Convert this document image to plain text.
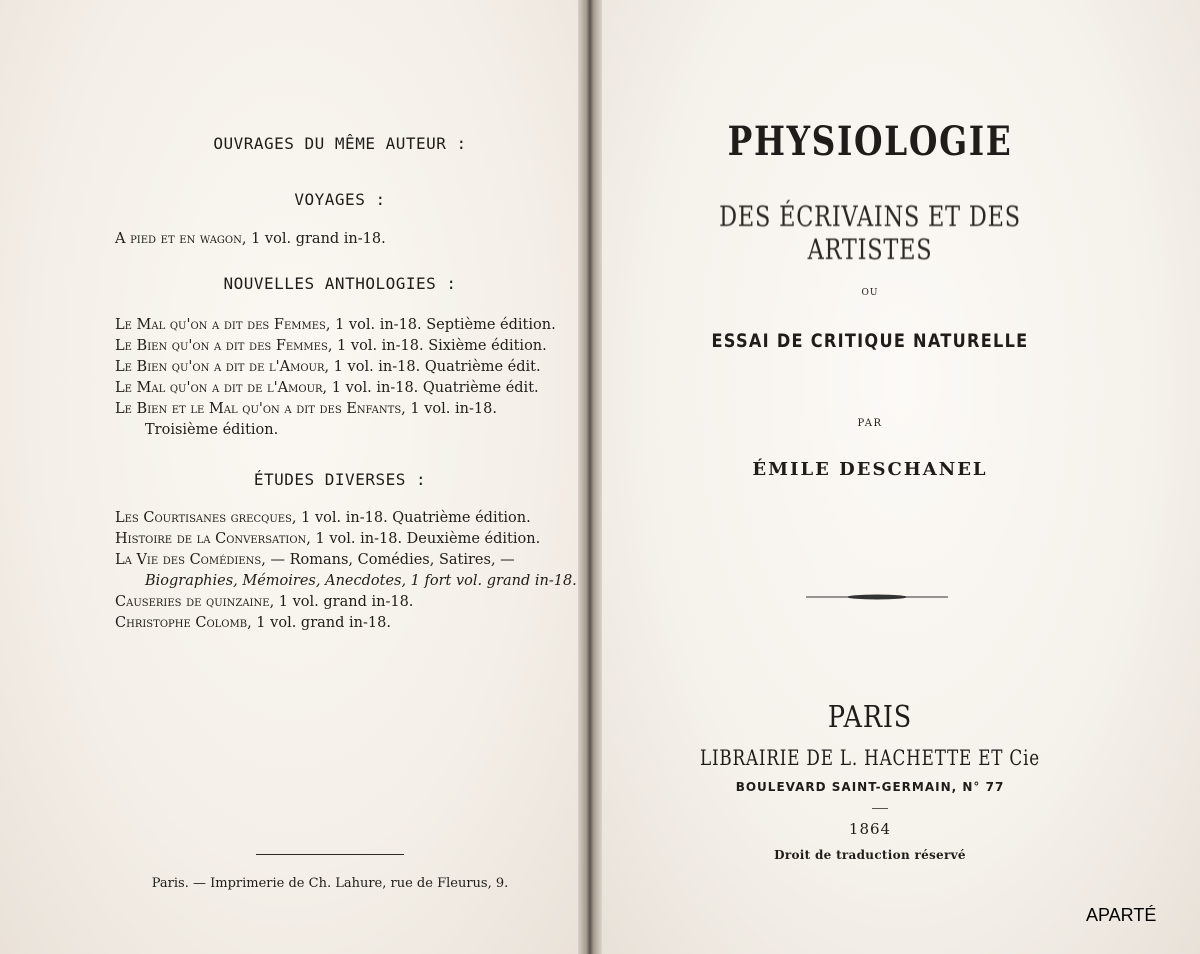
OUVRAGES DU MÊME AUTEUR :
VOYAGES :
A pied et en wagon, 1 vol. grand in-18.
NOUVELLES ANTHOLOGIES :
Le Mal qu'on a dit des Femmes, 1 vol. in-18. Septième édition.
Le Bien qu'on a dit des Femmes, 1 vol. in-18. Sixième édition.
Le Bien qu'on a dit de l'Amour, 1 vol. in-18. Quatrième édit.
Le Mal qu'on a dit de l'Amour, 1 vol. in-18. Quatrième édit.
Le Bien et le Mal qu'on a dit des Enfants, 1 vol. in-18.
Troisième édition.
ÉTUDES DIVERSES :
Les Courtisanes grecques, 1 vol. in-18. Quatrième édition.
Histoire de la Conversation, 1 vol. in-18. Deuxième édition.
La Vie des Comédiens, — Romans, Comédies, Satires, —
Biographies, Mémoires, Anecdotes, 1 fort vol. grand in-18.
Causeries de quinzaine, 1 vol. grand in-18.
Christophe Colomb, 1 vol. grand in-18.
Paris. — Imprimerie de Ch. Lahure, rue de Fleurus, 9.
PHYSIOLOGIE
DES ÉCRIVAINS ET DES ARTISTES
OU
ESSAI DE CRITIQUE NATURELLE
PAR
ÉMILE DESCHANEL
PARIS
LIBRAIRIE DE L. HACHETTE ET Cie
BOULEVARD SAINT-GERMAIN, N° 77
1864
Droit de traduction réservé
APARTÉ
